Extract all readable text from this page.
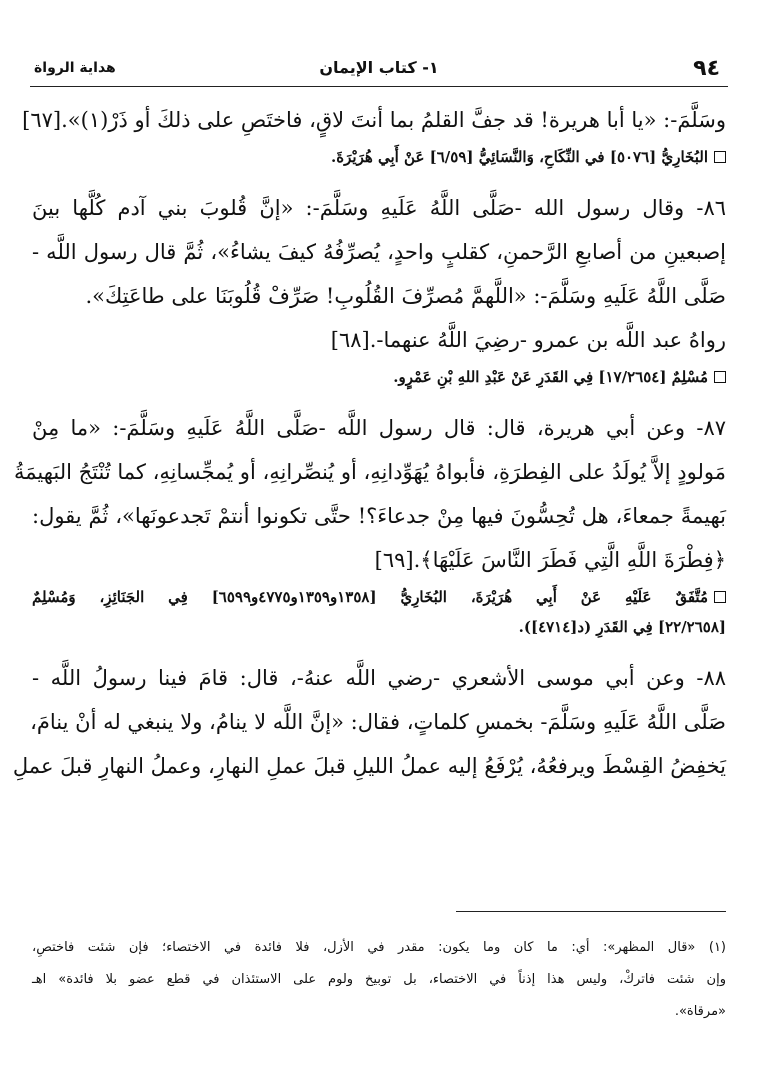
٩٤
١- كتاب الإيمان
هداية الرواة
وسَلَّمَ-: «يا أبا هريرة! قد جفَّ القلمُ بما أنتَ لاقٍ، فاختَصِ على ذلكَ أو ذَرْ(١)».[٦٧]
البُخَارِيُّ [٥٠٧٦] في النِّكَاحِ، وَالنَّسَائِيُّ [٦/٥٩] عَنْ أَبِي هُرَيْرَةَ.
٨٦- وقال رسول الله -صَلَّى اللَّهُ عَلَيهِ وسَلَّمَ-: «إنَّ قُلوبَ بني آدم كُلَّها بينَ
إصبعينِ من أصابعِ الرَّحمنِ، كقلبٍ واحدٍ، يُصرِّفُهُ كيفَ يشاءُ»، ثُمَّ قال رسول اللَّه -
صَلَّى اللَّهُ عَلَيهِ وسَلَّمَ-: «اللَّهمَّ مُصرِّفَ القُلُوبِ! صَرِّفْ قُلُوبَنَا على طاعَتِكَ».
رواهُ عبد اللَّه بن عمرو -رضِيَ اللَّهُ عنهما-.[٦٨]
مُسْلِمٌ [١٧/٢٦٥٤] فِي القَدَرِ عَنْ عَبْدِ اللهِ بْنِ عَمْرٍو.
٨٧- وعن أبي هريرة، قال: قال رسول اللَّه -صَلَّى اللَّهُ عَلَيهِ وسَلَّمَ-: «ما مِنْ
مَولودٍ إلاَّ يُولَدُ على الفِطرَةِ، فأبواهُ يُهَوِّدانِهِ، أو يُنصِّرانِهِ، أو يُمجِّسانِهِ، كما تُنْتَجُ البَهيمَةُ
بَهيمةً جمعاءَ، هل تُحِسُّونَ فيها مِنْ جدعاءَ؟! حتَّى تكونوا أنتمْ تَجدعونَها»، ثُمَّ يقول:
﴿فِطْرَةَ اللَّهِ الَّتِي فَطَرَ النَّاسَ عَلَيْهَا﴾.[٦٩]
مُتَّفَقٌ عَلَيْهِ عَنْ أَبِي هُرَيْرَةَ، البُخَارِيُّ [١٣٥٨و١٣٥٩و٤٧٧٥و٦٥٩٩] فِي الجَنَائِزِ، وَمُسْلِمٌ
[٢٢/٢٦٥٨] فِي القَدَرِ (د[٤٧١٤]).
٨٨- وعن أبي موسى الأشعري -رضي اللَّه عنهُ-، قال: قامَ فينا رسولُ اللَّه -
صَلَّى اللَّهُ عَلَيهِ وسَلَّمَ- بخمسِ كلماتٍ، فقال: «إنَّ اللَّه لا ينامُ، ولا ينبغي له أنْ ينامَ،
يَخفِضُ القِسْطَ ويرفعُهُ، يُرْفَعُ إليه عملُ الليلِ قبلَ عملِ النهارِ، وعملُ النهارِ قبلَ عملِ
(١) «قال المظهر»: أي: ما كان وما يكون: مقدر في الأزل، فلا فائدة في الاختصاء؛ فإن شئت فاختصِ،
وإن شئت فاتركْ، وليس هذا إذناً في الاختصاء، بل توبيخ ولوم على الاستئذان في قطع عضو بلا فائدة» اهـ
«مرقاة».
